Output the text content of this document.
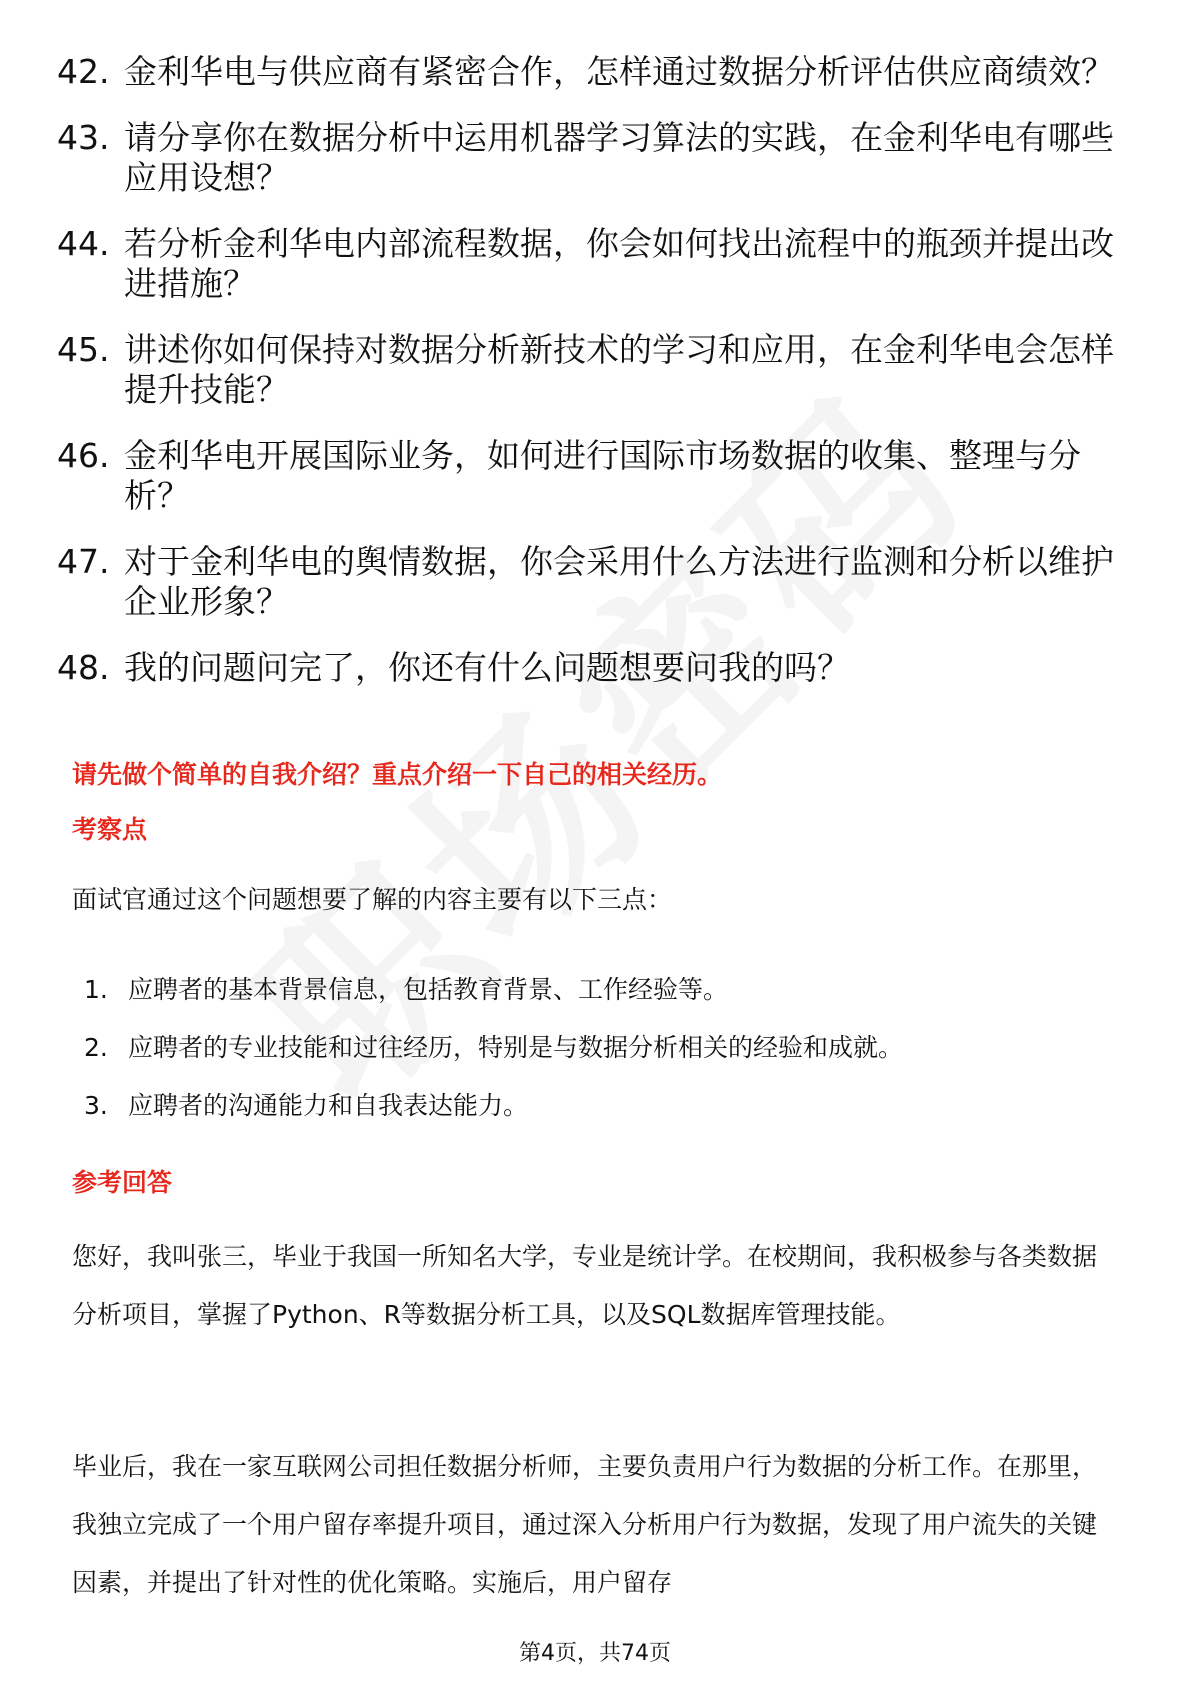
42. 金利华电与供应商有紧密合作，怎样通过数据分析评估供应商绩效？
43. 请分享你在数据分析中运用机器学习算法的实践，在金利华电有哪些应用设想？
44. 若分析金利华电内部流程数据，你会如何找出流程中的瓶颈并提出改进措施？
45. 讲述你如何保持对数据分析新技术的学习和应用，在金利华电会怎样提升技能？
46. 金利华电开展国际业务，如何进行国际市场数据的收集、整理与分析？
47. 对于金利华电的舆情数据，你会采用什么方法进行监测和分析以维护企业形象？
48. 我的问题问完了，你还有什么问题想要问我的吗？
请先做个简单的自我介绍？重点介绍一下自己的相关经历。
考察点
面试官通过这个问题想要了解的内容主要有以下三点：
1. 应聘者的基本背景信息，包括教育背景、工作经验等。
2. 应聘者的专业技能和过往经历，特别是与数据分析相关的经验和成就。
3. 应聘者的沟通能力和自我表达能力。
参考回答
您好，我叫张三，毕业于我国一所知名大学，专业是统计学。在校期间，我积极参与各类数据分析项目，掌握了Python、R等数据分析工具，以及SQL数据库管理技能。
毕业后，我在一家互联网公司担任数据分析师，主要负责用户行为数据的分析工作。在那里，我独立完成了一个用户留存率提升项目，通过深入分析用户行为数据，发现了用户流失的关键因素，并提出了针对性的优化策略。实施后，用户留存
第4页，共74页
